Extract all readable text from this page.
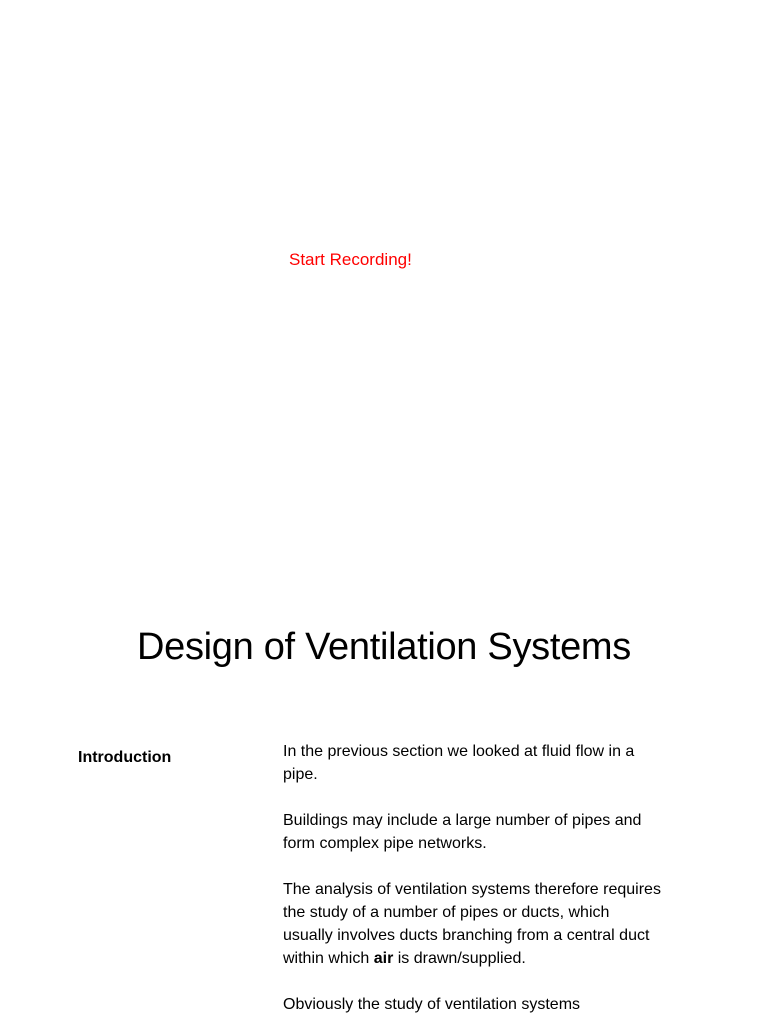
Start Recording!
Design of Ventilation Systems
Introduction	In the previous section we looked at fluid flow in a pipe.

Buildings may include a large number of pipes and form complex pipe networks.

The analysis of ventilation systems therefore requires the study of a number of pipes or ducts, which usually involves ducts branching from a central duct within which air is drawn/supplied.

Obviously the study of ventilation systems
